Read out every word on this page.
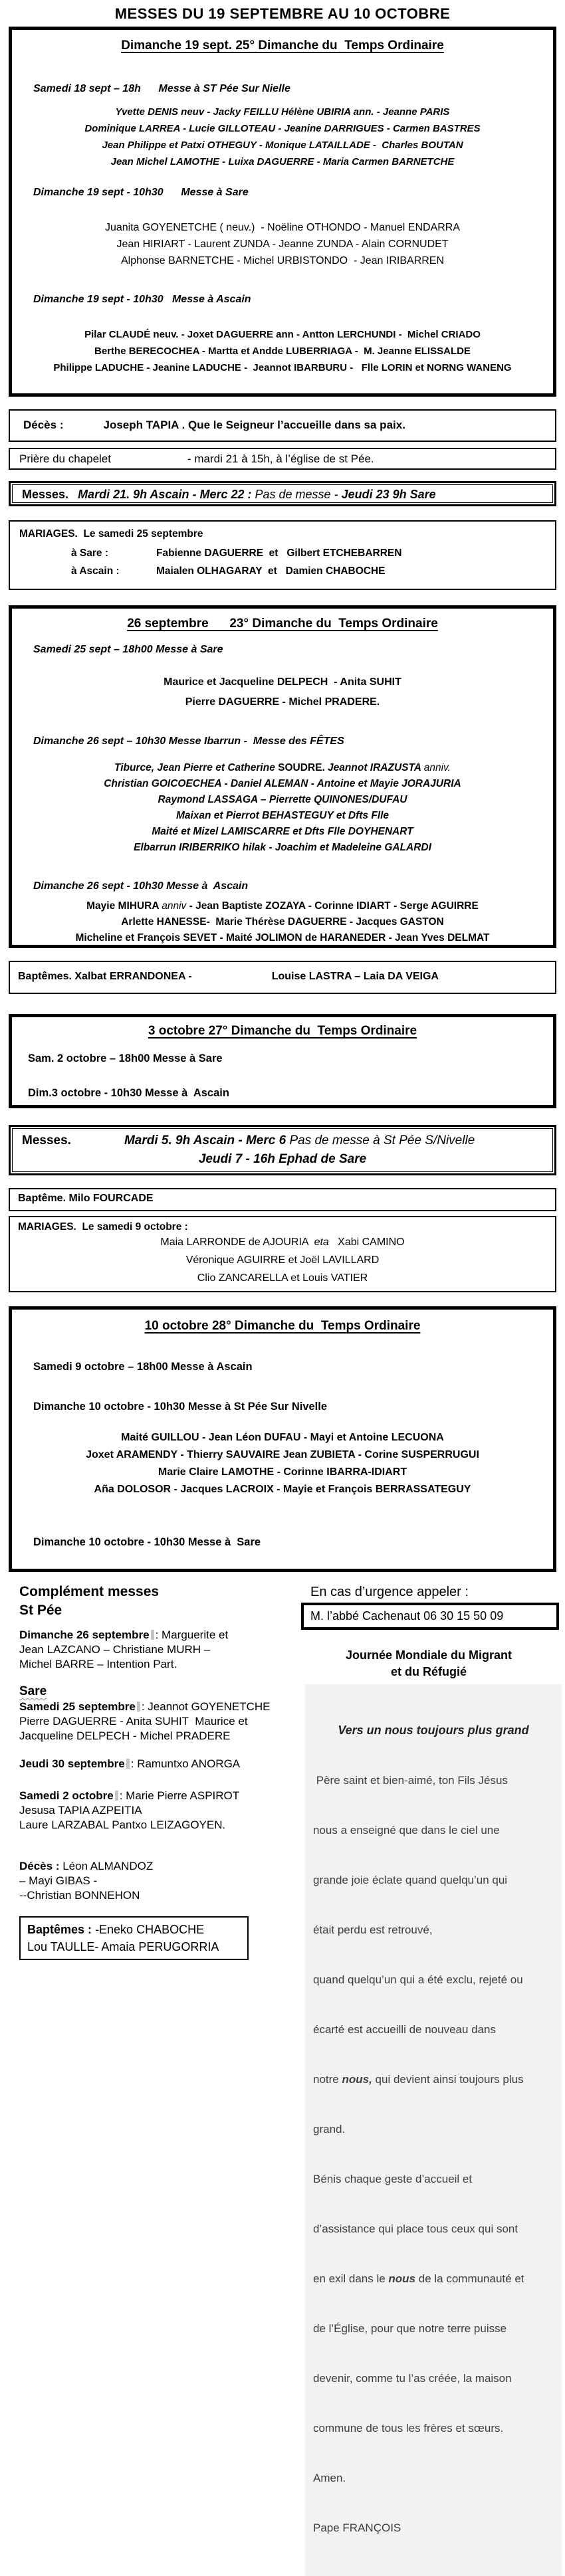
MESSES DU 19 SEPTEMBRE AU 10 OCTOBRE
Dimanche 19 sept. 25° Dimanche du  Temps Ordinaire
Samedi 18 sept – 18h      Messe à ST Pée Sur Nielle
Yvette DENIS neuv - Jacky FEILLU Hélène UBIRIA ann. - Jeanne PARIS
Dominique LARREA - Lucie GILLOTEAU - Jeanine DARRIGUES - Carmen BASTRES
Jean Philippe et Patxi OTHEGUY - Monique LATAILLADE -  Charles BOUTAN
Jean Michel LAMOTHE - Luixa DAGUERRE - Maria Carmen BARNETCHE
Dimanche 19 sept - 10h30      Messe à Sare
Juanita GOYENETCHE ( neuv.)  - Noëline OTHONDO - Manuel ENDARRA
Jean HIRIART - Laurent ZUNDA - Jeanne ZUNDA - Alain CORNUDET
Alphonse BARNETCHE - Michel URBISTONDO  - Jean IRIBARREN
Dimanche 19 sept - 10h30   Messe à Ascain
Pilar CLAUDÉ neuv. - Joxet DAGUERRE ann - Antton LERCHUNDI -  Michel CRIADO
Berthe BERECOCHEA - Martta et Andde LUBERRIAGA -  M. Jeanne ELISSALDE
Philippe LADUCHE - Jeanine LADUCHE -  Jeannot IBARBURU -   Flle LORIN et NORNG WANENG
Décès :	Joseph TAPIA . Que le Seigneur l’accueille dans sa paix.
Prière du chapelet	- mardi 21 à 15h, à l’église de st Pée.
Messes. Mardi 21. 9h Ascain - Merc 22 : Pas de messe - Jeudi 23 9h Sare
MARIAGES.  Le samedi 25 septembre
à Sare :	Fabienne DAGUERRE  et   Gilbert ETCHEBARREN
à Ascain :	Maialen OLHAGARAY  et   Damien CHABOCHE
26 septembre      23° Dimanche du  Temps Ordinaire
Samedi 25 sept – 18h00 Messe à Sare
Maurice et Jacqueline DELPECH  - Anita SUHIT
Pierre DAGUERRE - Michel PRADERE.
Dimanche 26 sept – 10h30 Messe Ibarrun -  Messe des FÊTES
Tiburce, Jean Pierre et Catherine SOUDRE. Jeannot IRAZUSTA anniv.
Christian GOICOECHEA - Daniel ALEMAN - Antoine et Mayie JORAJURIA
Raymond LASSAGA – Pierrette QUINONES/DUFAU
Maixan et Pierrot BEHASTEGUY et Dfts Flle
Maité et Mizel LAMISCARRE et Dfts Flle DOYHENART
Elbarrun IRIBERRIKO hilak - Joachim et Madeleine GALARDI
Dimanche 26 sept - 10h30 Messe à  Ascain
Mayie MIHURA anniv - Jean Baptiste ZOZAYA - Corinne IDIART - Serge AGUIRRE
Arlette HANESSE-  Marie Thérèse DAGUERRE - Jacques GASTON
Micheline et François SEVET - Maité JOLIMON de HARANEDER - Jean Yves DELMAT
Baptêmes. Xalbat ERRANDONEA -	Louise LASTRA – Laia DA VEIGA
3 octobre 27° Dimanche du  Temps Ordinaire
Sam. 2 octobre – 18h00 Messe à Sare
Dim.3 octobre - 10h30 Messe à  Ascain
Messes.	Mardi 5. 9h Ascain - Merc 6 Pas de messe à St Pée S/Nivelle
Jeudi 7 - 16h Ephad de Sare
Baptême. Milo FOURCADE
MARIAGES.  Le samedi 9 octobre :
Maia LARRONDE de AJOURIA  eta   Xabi CAMINO
Véronique AGUIRRE et Joël LAVILLARD
Clio ZANCARELLA et Louis VATIER
10 octobre 28° Dimanche du  Temps Ordinaire
Samedi 9 octobre – 18h00 Messe à Ascain
Dimanche 10 octobre - 10h30 Messe à St Pée Sur Nivelle
Maité GUILLOU - Jean Léon DUFAU - Mayi et Antoine LECUONA
Joxet ARAMENDY - Thierry SAUVAIRE Jean ZUBIETA - Corine SUSPERRUGUI
Marie Claire LAMOTHE - Corinne IBARRA-IDIART
Aña DOLOSOR - Jacques LACROIX - Mayie et François BERRASSATEGUY
Dimanche 10 octobre - 10h30 Messe à  Sare
Complément messes
St Pée

Dimanche 26 septembre : Marguerite et
Jean LAZCANO – Christiane MURH –
Michel BARRE – Intention Part.

Sare

Samedi 25 septembre : Jeannot GOYENETCHE
Pierre DAGUERRE - Anita SUHIT  Maurice et
Jacqueline DELPECH - Michel PRADERE

Jeudi 30 septembre : Ramuntxo ANORGA

Samedi 2 octobre : Marie Pierre ASPIROT
Jesusa TAPIA AZPEITIA
Laure LARZABAL Pantxo LEIZAGOYEN.

Décès : Léon ALMANDOZ
– Mayi GIBAS -
--Christian BONNEHON

Baptêmes : -Eneko CHABOCHE
Lou TAULLE- Amaia PERUGORRIA
En cas d’urgence appeler :
M. l’abbé Cachenaut 06 30 15 50 09
Journée Mondiale du Migrant
et du Réfugié

Vers un nous toujours plus grand

Père saint et bien-aimé, ton Fils Jésus

nous a enseigné que dans le ciel une

grande joie éclate quand quelqu’un qui

était perdu est retrouvé,

quand quelqu’un qui a été exclu, rejeté ou

écarté est accueilli de nouveau dans

notre nous, qui devient ainsi toujours plus

grand.

Bénis chaque geste d’accueil et

d’assistance qui place tous ceux qui sont

en exil dans le nous de la communauté et

de l’Église, pour que notre terre puisse

devenir, comme tu l’as créée, la maison

commune de tous les frères et sœurs.

Amen.

Pape FRANÇOIS
